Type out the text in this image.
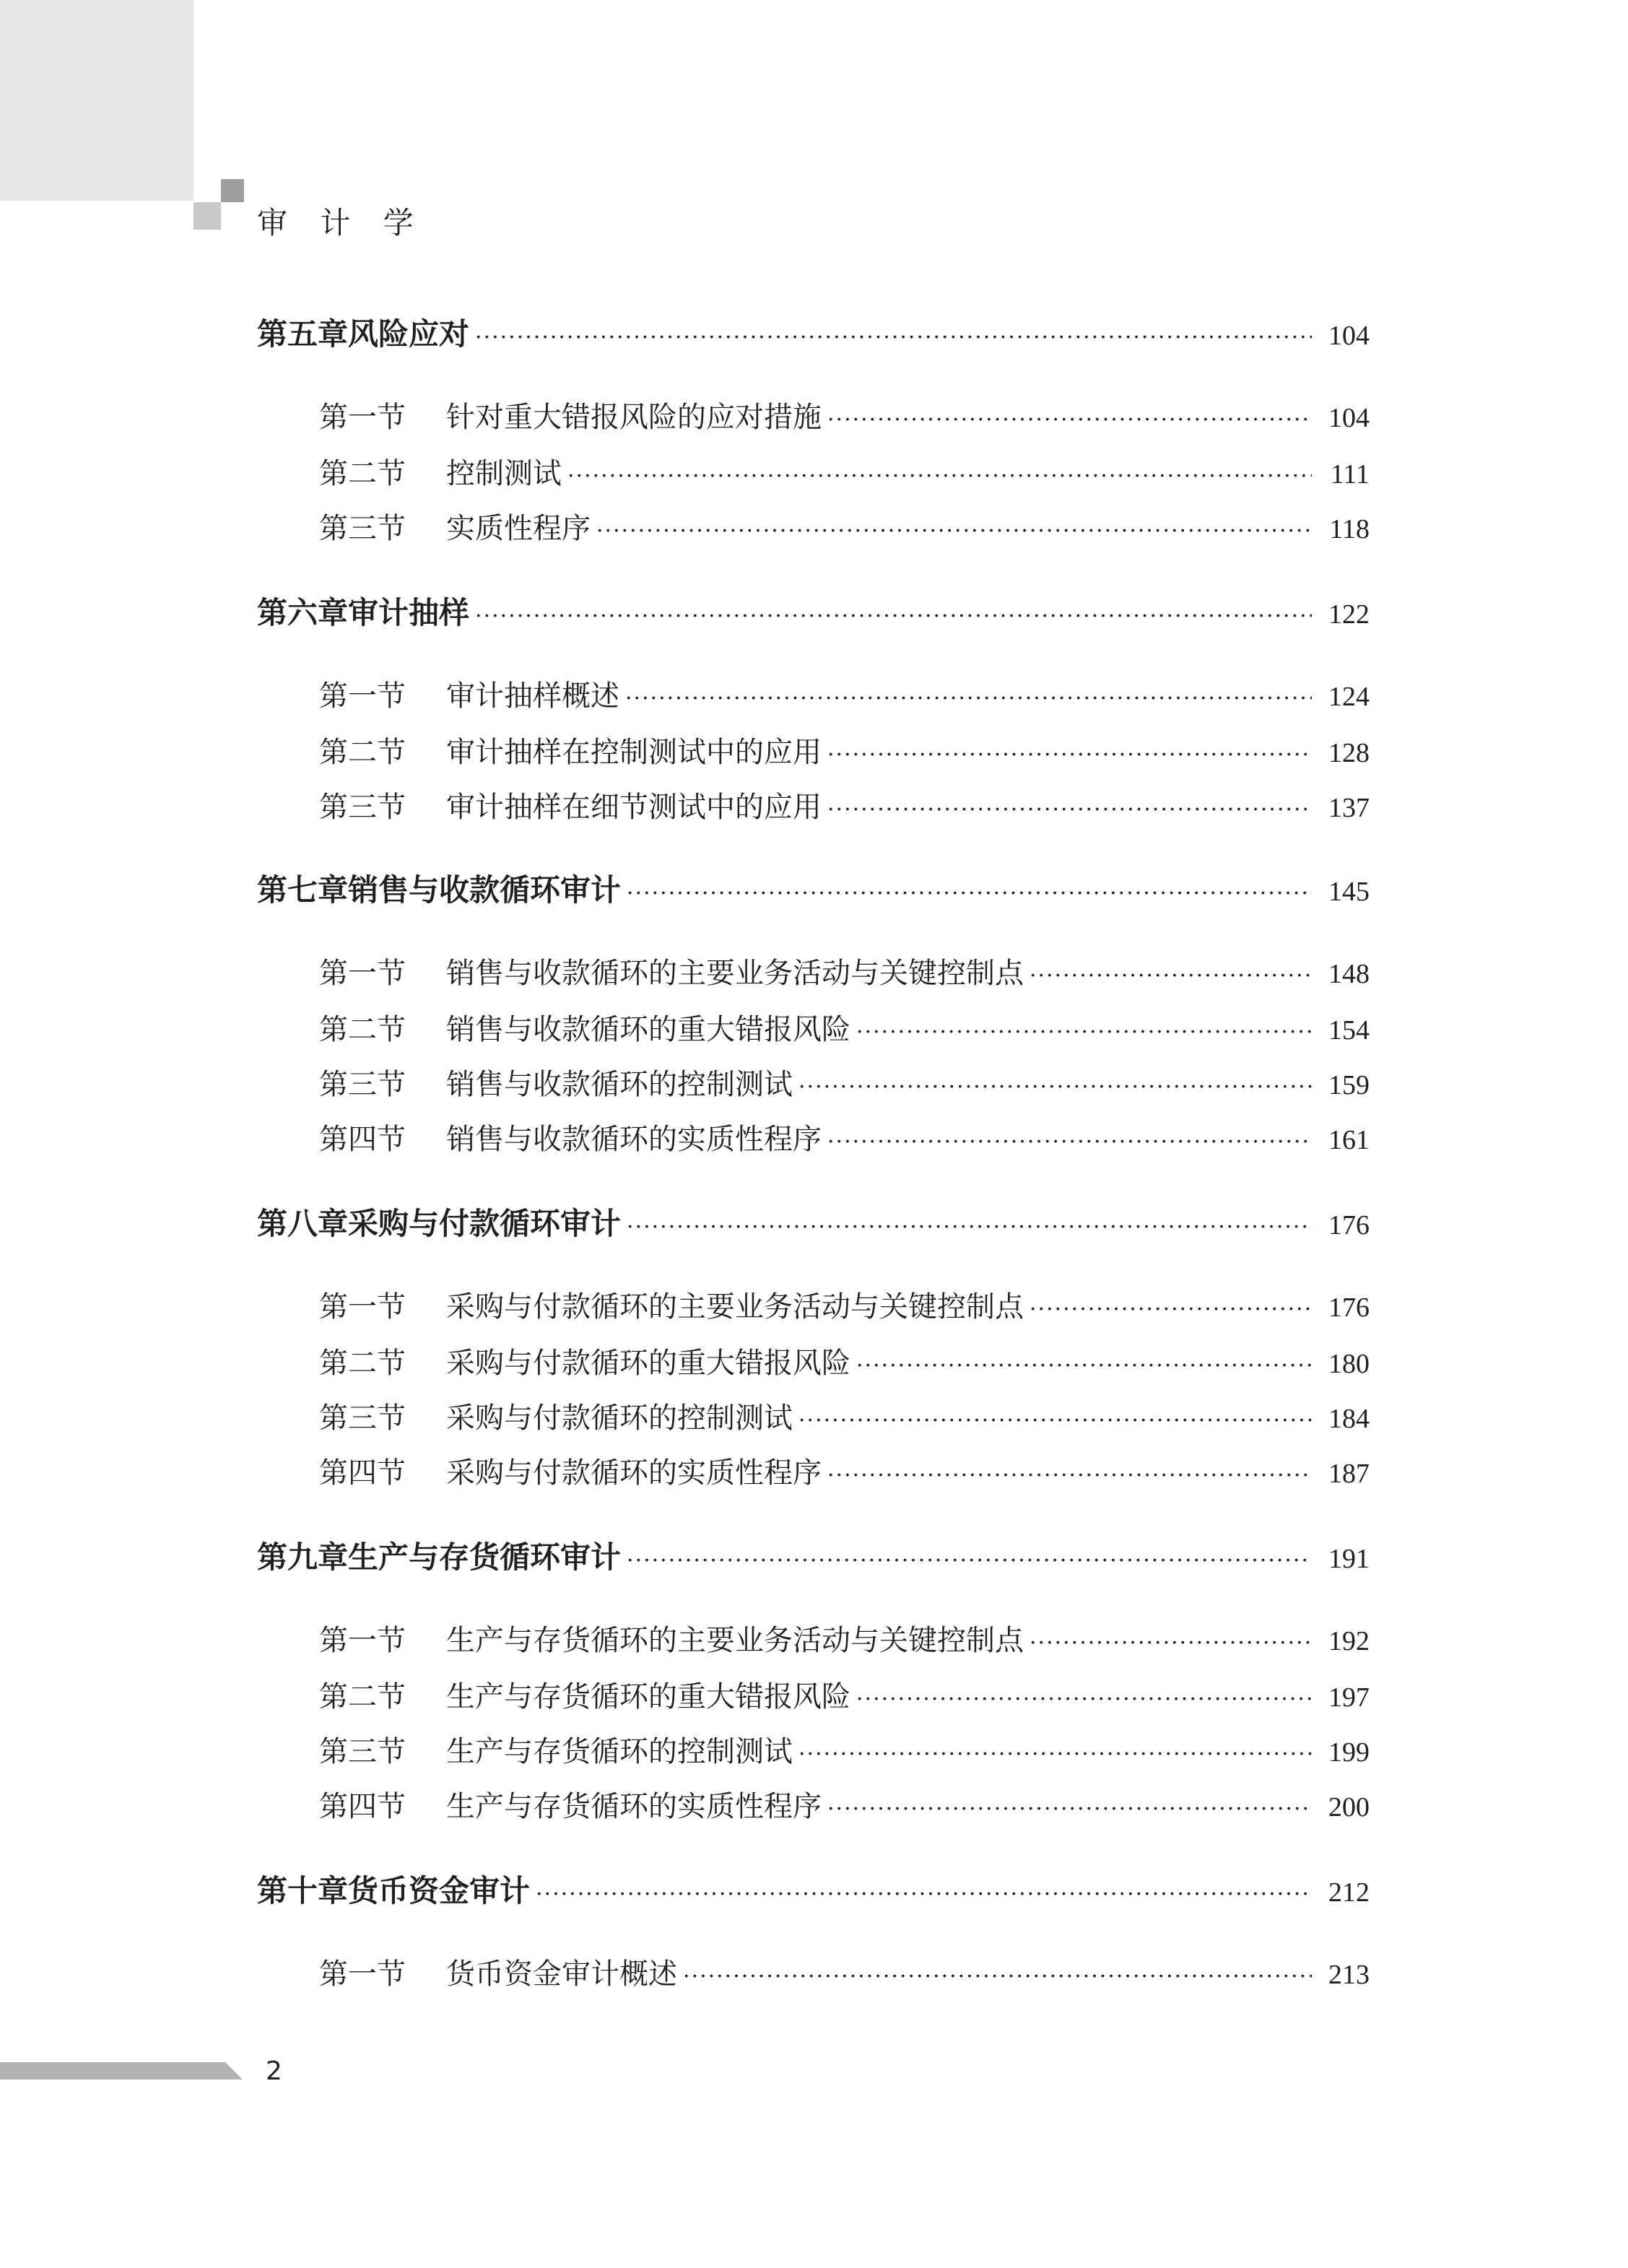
审 计 学
第五章 风险应对 ·····	104
第一节	针对重大错报风险的应对措施 ·····	104
第二节	控制测试 ·····	111
第三节	实质性程序 ·····	118
第六章 审计抽样 ·····	122
第一节	审计抽样概述 ·····	124
第二节	审计抽样在控制测试中的应用 ·····	128
第三节	审计抽样在细节测试中的应用 ·····	137
第七章 销售与收款循环审计 ·····	145
第一节	销售与收款循环的主要业务活动与关键控制点 ·····	148
第二节	销售与收款循环的重大错报风险 ·····	154
第三节	销售与收款循环的控制测试 ·····	159
第四节	销售与收款循环的实质性程序 ·····	161
第八章 采购与付款循环审计 ·····	176
第一节	采购与付款循环的主要业务活动与关键控制点 ·····	176
第二节	采购与付款循环的重大错报风险 ·····	180
第三节	采购与付款循环的控制测试 ·····	184
第四节	采购与付款循环的实质性程序 ·····	187
第九章 生产与存货循环审计 ·····	191
第一节	生产与存货循环的主要业务活动与关键控制点 ·····	192
第二节	生产与存货循环的重大错报风险 ·····	197
第三节	生产与存货循环的控制测试 ·····	199
第四节	生产与存货循环的实质性程序 ·····	200
第十章 货币资金审计 ·····	212
第一节	货币资金审计概述 ·····	213
2
